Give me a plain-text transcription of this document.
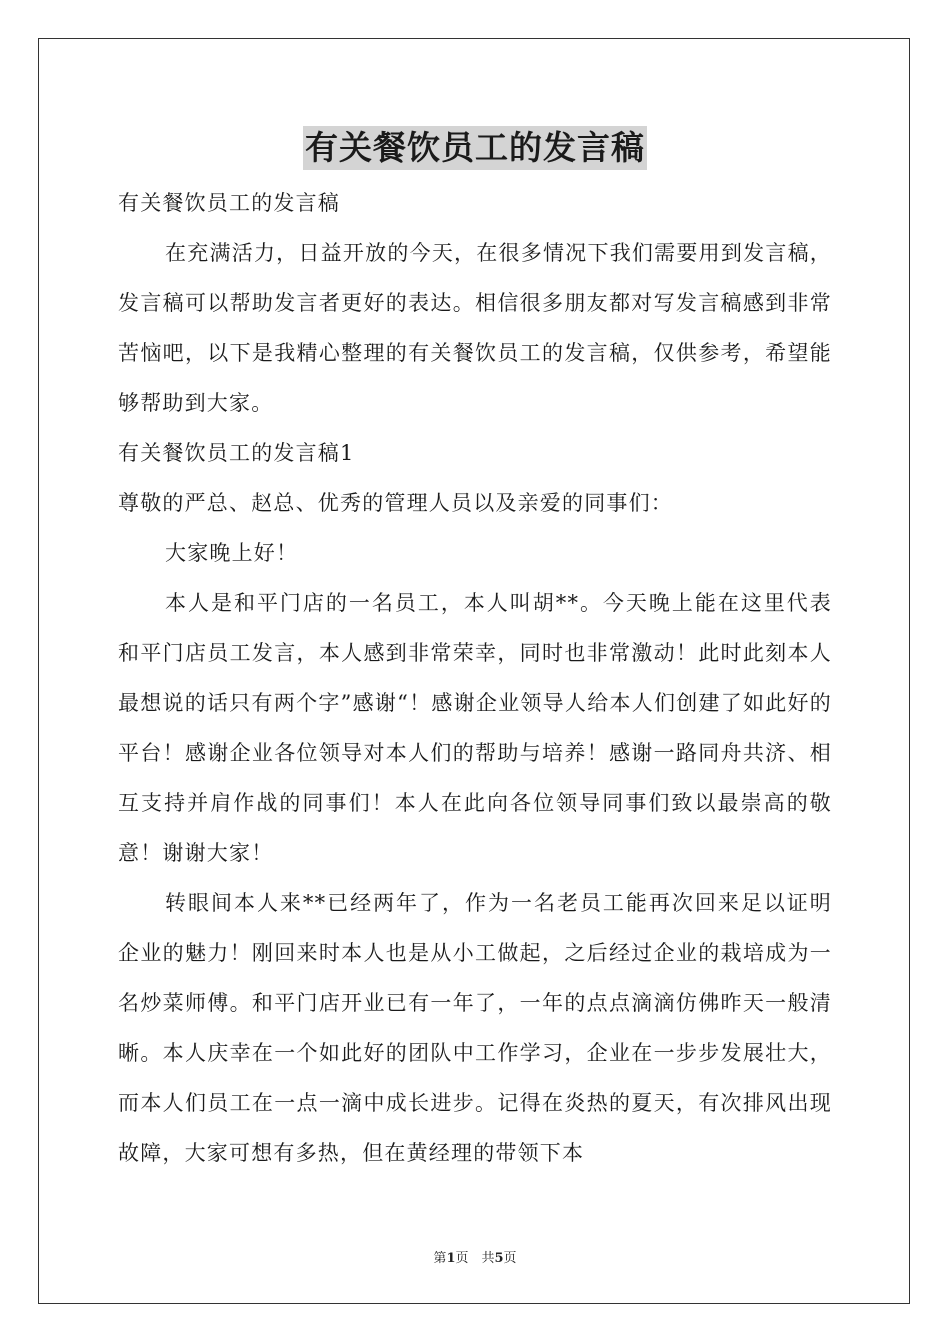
有关餐饮员工的发言稿

有关餐饮员工的发言稿

在充满活力，日益开放的今天，在很多情况下我们需要用到发言稿，发言稿可以帮助发言者更好的表达。相信很多朋友都对写发言稿感到非常苦恼吧，以下是我精心整理的有关餐饮员工的发言稿，仅供参考，希望能够帮助到大家。

有关餐饮员工的发言稿1

尊敬的严总、赵总、优秀的管理人员以及亲爱的同事们：

大家晚上好！

本人是和平门店的一名员工，本人叫胡**。今天晚上能在这里代表和平门店员工发言，本人感到非常荣幸，同时也非常激动！此时此刻本人最想说的话只有两个字”感谢“！感谢企业领导人给本人们创建了如此好的平台！感谢企业各位领导对本人们的帮助与培养！感谢一路同舟共济、相互支持并肩作战的同事们！本人在此向各位领导同事们致以最崇高的敬意！谢谢大家！

转眼间本人来**已经两年了，作为一名老员工能再次回来足以证明企业的魅力！刚回来时本人也是从小工做起，之后经过企业的栽培成为一名炒菜师傅。和平门店开业已有一年了，一年的点点滴滴仿佛昨天一般清晰。本人庆幸在一个如此好的团队中工作学习，企业在一步步发展壮大，而本人们员工在一点一滴中成长进步。记得在炎热的夏天，有次排风出现故障，大家可想有多热，但在黄经理的带领下本

第1页　共5页
